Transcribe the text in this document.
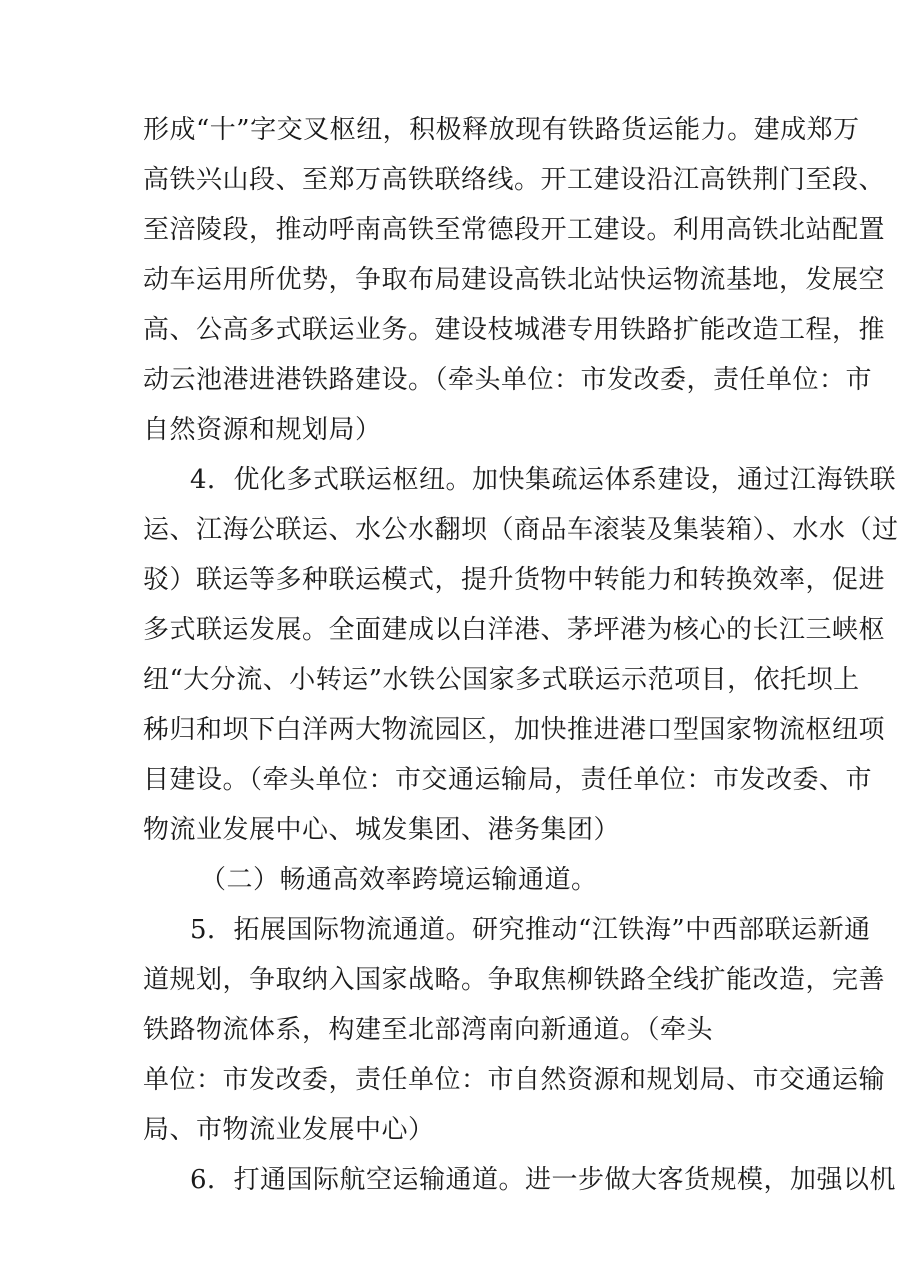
形成“十”字交叉枢纽，积极释放现有铁路货运能力。建成郑万
高铁兴山段、至郑万高铁联络线。开工建设沿江高铁荆门至段、
至涪陵段，推动呼南高铁至常德段开工建设。利用高铁北站配置
动车运用所优势，争取布局建设高铁北站快运物流基地，发展空
高、公高多式联运业务。建设枝城港专用铁路扩能改造工程，推
动云池港进港铁路建设。（牵头单位：市发改委，责任单位：市
自然资源和规划局）
4．优化多式联运枢纽。加快集疏运体系建设，通过江海铁联
运、江海公联运、水公水翻坝（商品车滚装及集装箱）、水水（过
驳）联运等多种联运模式，提升货物中转能力和转换效率，促进
多式联运发展。全面建成以白洋港、茅坪港为核心的长江三峡枢
纽“大分流、小转运”水铁公国家多式联运示范项目，依托坝上
秭归和坝下白洋两大物流园区，加快推进港口型国家物流枢纽项
目建设。（牵头单位：市交通运输局，责任单位：市发改委、市
物流业发展中心、城发集团、港务集团）
（二）畅通高效率跨境运输通道。
5．拓展国际物流通道。研究推动“江铁海”中西部联运新通
道规划，争取纳入国家战略。争取焦柳铁路全线扩能改造，完善
铁路物流体系，构建至北部湾南向新通道。（牵头
单位：市发改委，责任单位：市自然资源和规划局、市交通运输
局、市物流业发展中心）
6．打通国际航空运输通道。进一步做大客货规模，加强以机
